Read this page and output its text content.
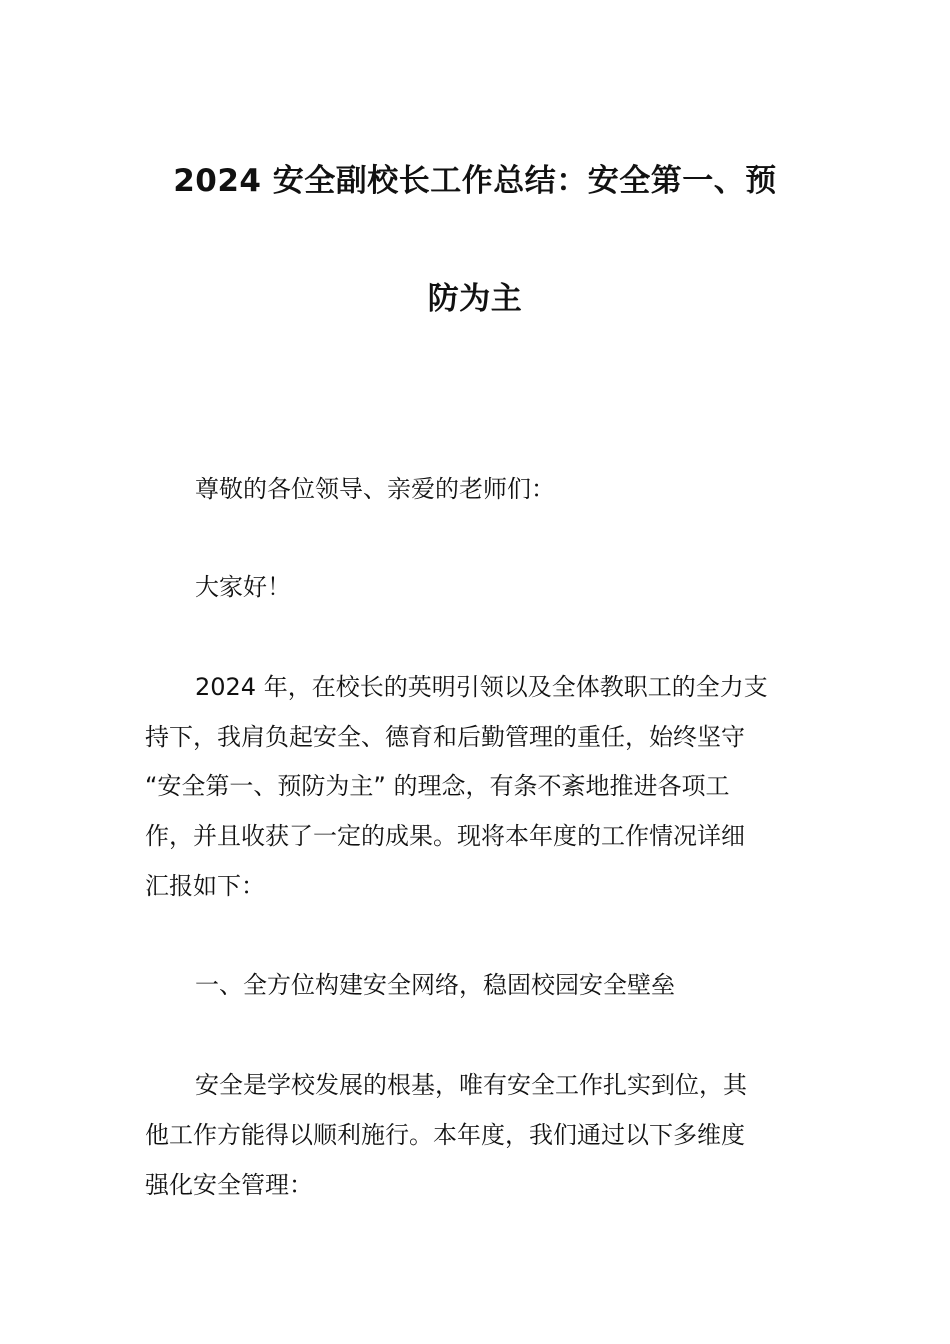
2024 安全副校长工作总结：安全第一、预
防为主
尊敬的各位领导、亲爱的老师们：
大家好！
2024 年，在校长的英明引领以及全体教职工的全力支
持下，我肩负起安全、德育和后勤管理的重任，始终坚守
“安全第一、预防为主” 的理念，有条不紊地推进各项工
作，并且收获了一定的成果。现将本年度的工作情况详细
汇报如下：
一、全方位构建安全网络，稳固校园安全壁垒
安全是学校发展的根基，唯有安全工作扎实到位，其
他工作方能得以顺利施行。本年度，我们通过以下多维度
强化安全管理：
